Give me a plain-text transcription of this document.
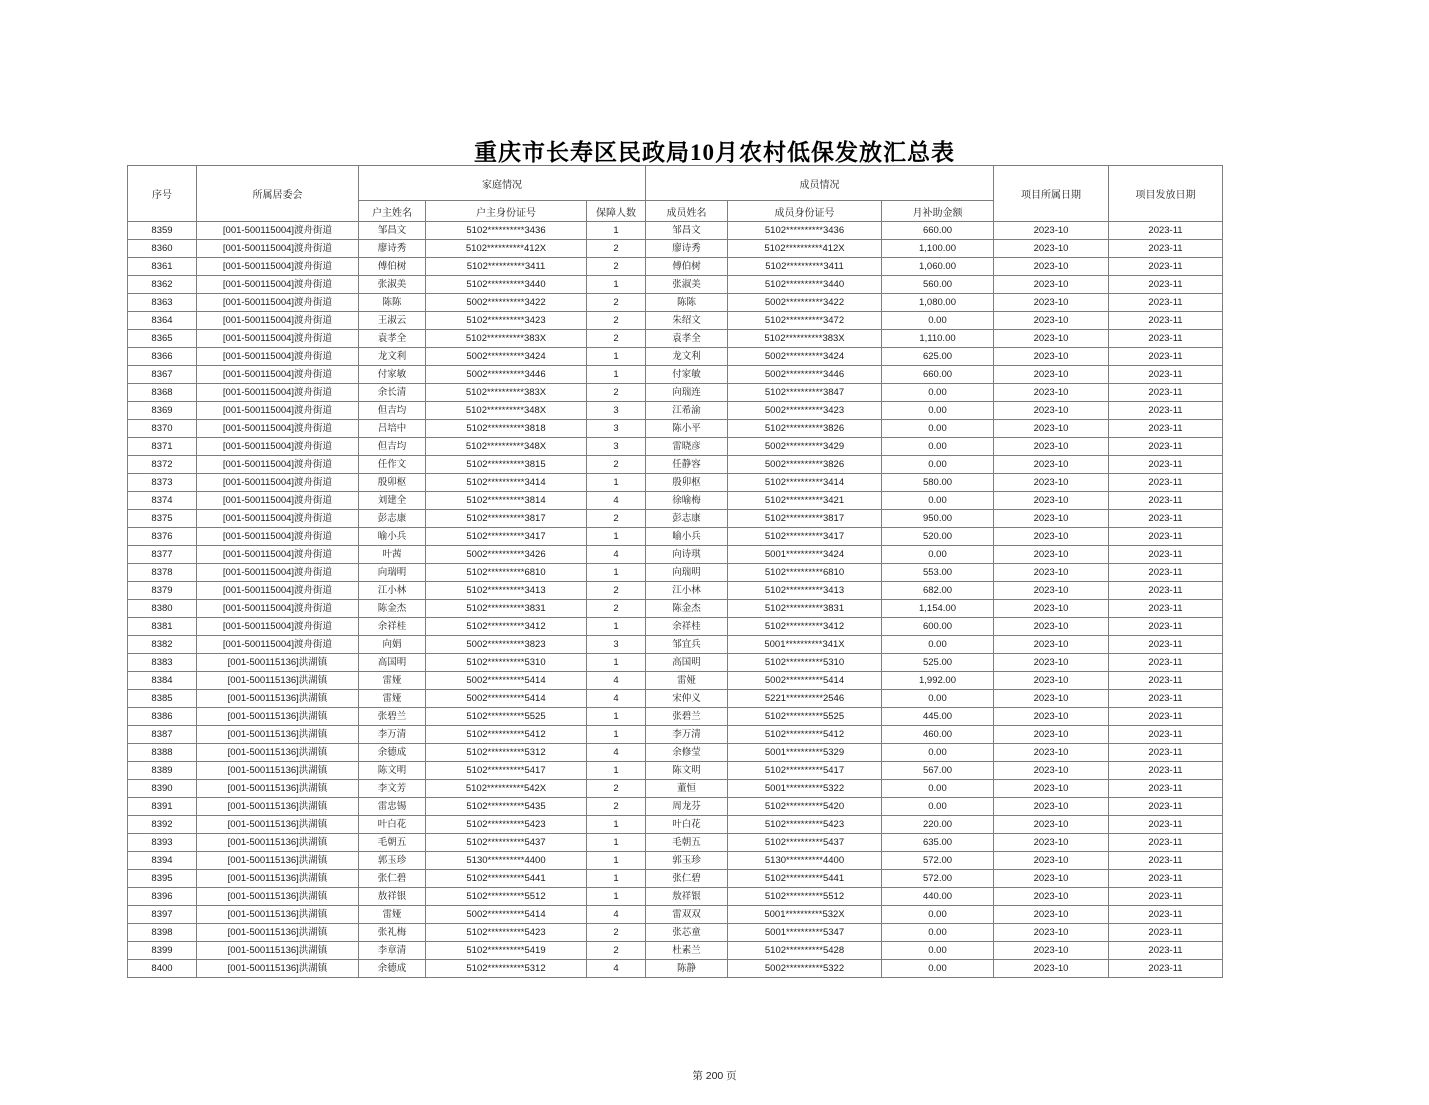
重庆市长寿区民政局10月农村低保发放汇总表
序号	所属居委会	家庭情况			成员情况			项目所属日期	项目发放日期
		户主姓名	户主身份证号	保障人数	成员姓名	成员身份证号	月补助金额		
8359	[001-500115004]渡舟街道	邹昌文	5102**********3436	1	邹昌文	5102**********3436	660.00	2023-10	2023-11
8360	[001-500115004]渡舟街道	廖诗秀	5102**********412X	2	廖诗秀	5102**********412X	1,100.00	2023-10	2023-11
8361	[001-500115004]渡舟街道	傅伯树	5102**********3411	2	傅伯树	5102**********3411	1,060.00	2023-10	2023-11
8362	[001-500115004]渡舟街道	张淑美	5102**********3440	1	张淑美	5102**********3440	560.00	2023-10	2023-11
8363	[001-500115004]渡舟街道	陈陈	5002**********3422	2	陈陈	5002**********3422	1,080.00	2023-10	2023-11
8364	[001-500115004]渡舟街道	王淑云	5102**********3423	2	朱绍文	5102**********3472	0.00	2023-10	2023-11
8365	[001-500115004]渡舟街道	袁孝全	5102**********383X	2	袁孝全	5102**********383X	1,110.00	2023-10	2023-11
8366	[001-500115004]渡舟街道	龙文利	5002**********3424	1	龙文利	5002**********3424	625.00	2023-10	2023-11
8367	[001-500115004]渡舟街道	付家敏	5002**********3446	1	付家敏	5002**********3446	660.00	2023-10	2023-11
8368	[001-500115004]渡舟街道	余长清	5102**********383X	2	向瑞连	5102**********3847	0.00	2023-10	2023-11
8369	[001-500115004]渡舟街道	但吉均	5102**********348X	3	江希渝	5002**********3423	0.00	2023-10	2023-11
8370	[001-500115004]渡舟街道	吕培中	5102**********3818	3	陈小平	5102**********3826	0.00	2023-10	2023-11
8371	[001-500115004]渡舟街道	但吉均	5102**********348X	3	雷晓彦	5002**********3429	0.00	2023-10	2023-11
8372	[001-500115004]渡舟街道	任作文	5102**********3815	2	任静容	5002**********3826	0.00	2023-10	2023-11
8373	[001-500115004]渡舟街道	殷卯枢	5102**********3414	1	殷卯枢	5102**********3414	580.00	2023-10	2023-11
8374	[001-500115004]渡舟街道	刘建全	5102**********3814	4	徐喻梅	5102**********3421	0.00	2023-10	2023-11
8375	[001-500115004]渡舟街道	彭志康	5102**********3817	2	彭志康	5102**********3817	950.00	2023-10	2023-11
8376	[001-500115004]渡舟街道	喻小兵	5102**********3417	1	喻小兵	5102**********3417	520.00	2023-10	2023-11
8377	[001-500115004]渡舟街道	叶茜	5002**********3426	4	向诗琪	5001**********3424	0.00	2023-10	2023-11
8378	[001-500115004]渡舟街道	向瑞明	5102**********6810	1	向瑞明	5102**********6810	553.00	2023-10	2023-11
8379	[001-500115004]渡舟街道	江小林	5102**********3413	2	江小林	5102**********3413	682.00	2023-10	2023-11
8380	[001-500115004]渡舟街道	陈金杰	5102**********3831	2	陈金杰	5102**********3831	1,154.00	2023-10	2023-11
8381	[001-500115004]渡舟街道	余祥桂	5102**********3412	1	余祥桂	5102**********3412	600.00	2023-10	2023-11
8382	[001-500115004]渡舟街道	向娟	5002**********3823	3	邹宜兵	5001**********341X	0.00	2023-10	2023-11
8383	[001-500115136]洪湖镇	高国明	5102**********5310	1	高国明	5102**********5310	525.00	2023-10	2023-11
8384	[001-500115136]洪湖镇	雷娅	5002**********5414	4	雷娅	5002**********5414	1,992.00	2023-10	2023-11
8385	[001-500115136]洪湖镇	雷娅	5002**********5414	4	宋仲义	5221**********2546	0.00	2023-10	2023-11
8386	[001-500115136]洪湖镇	张碧兰	5102**********5525	1	张碧兰	5102**********5525	445.00	2023-10	2023-11
8387	[001-500115136]洪湖镇	李万清	5102**********5412	1	李万清	5102**********5412	460.00	2023-10	2023-11
8388	[001-500115136]洪湖镇	余德成	5102**********5312	4	余修莹	5001**********5329	0.00	2023-10	2023-11
8389	[001-500115136]洪湖镇	陈文明	5102**********5417	1	陈文明	5102**********5417	567.00	2023-10	2023-11
8390	[001-500115136]洪湖镇	李文芳	5102**********542X	2	董恒	5001**********5322	0.00	2023-10	2023-11
8391	[001-500115136]洪湖镇	雷忠锡	5102**********5435	2	周龙芬	5102**********5420	0.00	2023-10	2023-11
8392	[001-500115136]洪湖镇	叶白花	5102**********5423	1	叶白花	5102**********5423	220.00	2023-10	2023-11
8393	[001-500115136]洪湖镇	毛朝五	5102**********5437	1	毛朝五	5102**********5437	635.00	2023-10	2023-11
8394	[001-500115136]洪湖镇	郭玉珍	5130**********4400	1	郭玉珍	5130**********4400	572.00	2023-10	2023-11
8395	[001-500115136]洪湖镇	张仁碧	5102**********5441	1	张仁碧	5102**********5441	572.00	2023-10	2023-11
8396	[001-500115136]洪湖镇	敖祥银	5102**********5512	1	敖祥银	5102**********5512	440.00	2023-10	2023-11
8397	[001-500115136]洪湖镇	雷娅	5002**********5414	4	雷双双	5001**********532X	0.00	2023-10	2023-11
8398	[001-500115136]洪湖镇	张礼梅	5102**********5423	2	张芯童	5001**********5347	0.00	2023-10	2023-11
8399	[001-500115136]洪湖镇	李章清	5102**********5419	2	杜素兰	5102**********5428	0.00	2023-10	2023-11
8400	[001-500115136]洪湖镇	余德成	5102**********5312	4	陈静	5002**********5322	0.00	2023-10	2023-11
第 200 页
